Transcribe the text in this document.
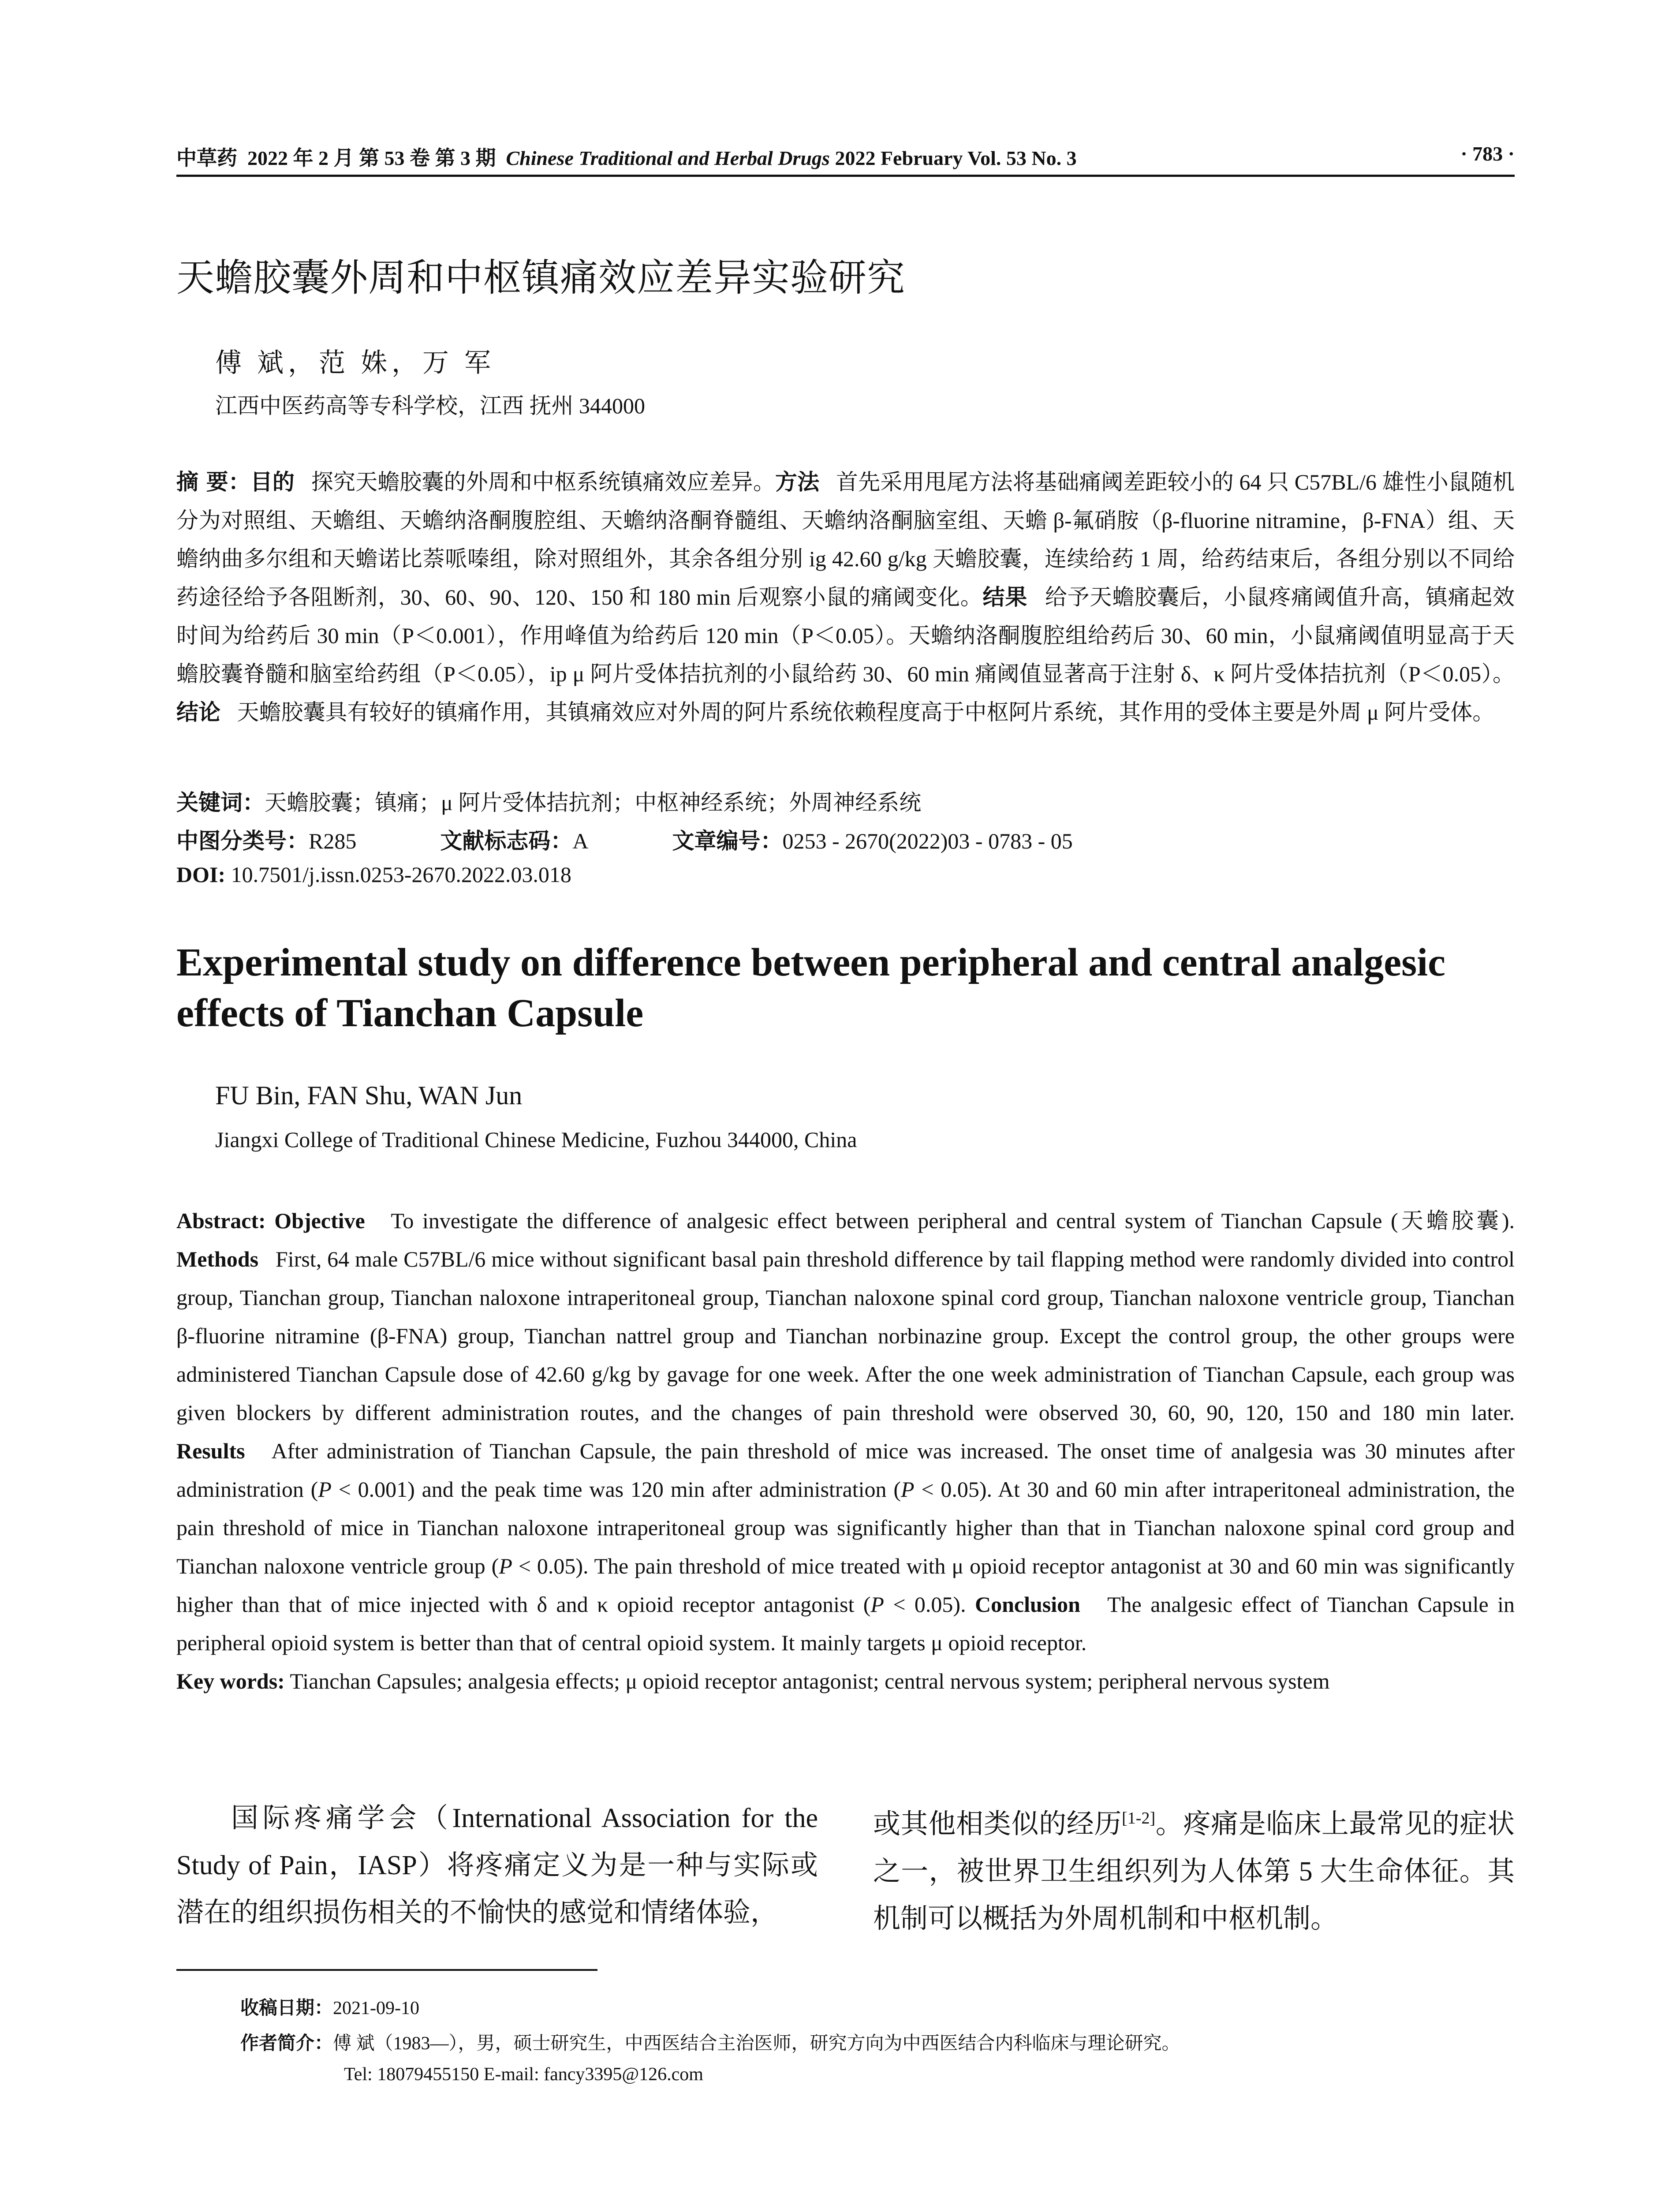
中草药 2022 年 2 月 第 53 卷 第 3 期 Chinese Traditional and Herbal Drugs 2022 February Vol. 53 No. 3	· 783 ·
天蟾胶囊外周和中枢镇痛效应差异实验研究
傅 斌，范 姝，万 军
江西中医药高等专科学校，江西 抚州 344000
摘 要：目的 探究天蟾胶囊的外周和中枢系统镇痛效应差异。方法 首先采用甩尾方法将基础痛阈差距较小的 64 只 C57BL/6 雄性小鼠随机分为对照组、天蟾组、天蟾纳洛酮腹腔组、天蟾纳洛酮脊髓组、天蟾纳洛酮脑室组、天蟾 β-氟硝胺（β-fluorine nitramine，β-FNA）组、天蟾纳曲多尔组和天蟾诺比萘哌嗪组，除对照组外，其余各组分别 ig 42.60 g/kg 天蟾胶囊，连续给药 1 周，给药结束后，各组分别以不同给药途径给予各阻断剂，30、60、90、120、150 和 180 min 后观察小鼠的痛阈变化。结果 给予天蟾胶囊后，小鼠疼痛阈值升高，镇痛起效时间为给药后 30 min（P＜0.001），作用峰值为给药后 120 min（P＜0.05）。天蟾纳洛酮腹腔组给药后 30、60 min，小鼠痛阈值明显高于天蟾胶囊脊髓和脑室给药组（P＜0.05），ip μ 阿片受体拮抗剂的小鼠给药 30、60 min 痛阈值显著高于注射 δ、κ 阿片受体拮抗剂（P＜0.05）。结论 天蟾胶囊具有较好的镇痛作用，其镇痛效应对外周的阿片系统依赖程度高于中枢阿片系统，其作用的受体主要是外周 μ 阿片受体。
关键词：天蟾胶囊；镇痛；μ 阿片受体拮抗剂；中枢神经系统；外周神经系统
中图分类号：R285	文献标志码：A	文章编号：0253 - 2670(2022)03 - 0783 - 05
DOI: 10.7501/j.issn.0253-2670.2022.03.018
Experimental study on difference between peripheral and central analgesic effects of Tianchan Capsule
FU Bin, FAN Shu, WAN Jun
Jiangxi College of Traditional Chinese Medicine, Fuzhou 344000, China
Abstract: Objective To investigate the difference of analgesic effect between peripheral and central system of Tianchan Capsule (天蟾胶囊). Methods First, 64 male C57BL/6 mice without significant basal pain threshold difference by tail flapping method were randomly divided into control group, Tianchan group, Tianchan naloxone intraperitoneal group, Tianchan naloxone spinal cord group, Tianchan naloxone ventricle group, Tianchan β-fluorine nitramine (β-FNA) group, Tianchan nattrel group and Tianchan norbinazine group. Except the control group, the other groups were administered Tianchan Capsule dose of 42.60 g/kg by gavage for one week. After the one week administration of Tianchan Capsule, each group was given blockers by different administration routes, and the changes of pain threshold were observed 30, 60, 90, 120, 150 and 180 min later. Results After administration of Tianchan Capsule, the pain threshold of mice was increased. The onset time of analgesia was 30 minutes after administration (P < 0.001) and the peak time was 120 min after administration (P < 0.05). At 30 and 60 min after intraperitoneal administration, the pain threshold of mice in Tianchan naloxone intraperitoneal group was significantly higher than that in Tianchan naloxone spinal cord group and Tianchan naloxone ventricle group (P < 0.05). The pain threshold of mice treated with μ opioid receptor antagonist at 30 and 60 min was significantly higher than that of mice injected with δ and κ opioid receptor antagonist (P < 0.05). Conclusion The analgesic effect of Tianchan Capsule in peripheral opioid system is better than that of central opioid system. It mainly targets μ opioid receptor.
Key words: Tianchan Capsules; analgesia effects; μ opioid receptor antagonist; central nervous system; peripheral nervous system
国际疼痛学会（International Association for the Study of Pain，IASP）将疼痛定义为是一种与实际或潜在的组织损伤相关的不愉快的感觉和情绪体验，
或其他相类似的经历[1-2]。疼痛是临床上最常见的症状之一，被世界卫生组织列为人体第 5 大生命体征。其机制可以概括为外周机制和中枢机制。
收稿日期：2021-09-10
作者简介：傅 斌（1983—），男，硕士研究生，中西医结合主治医师，研究方向为中西医结合内科临床与理论研究。
Tel: 18079455150 E-mail: fancy3395@126.com
